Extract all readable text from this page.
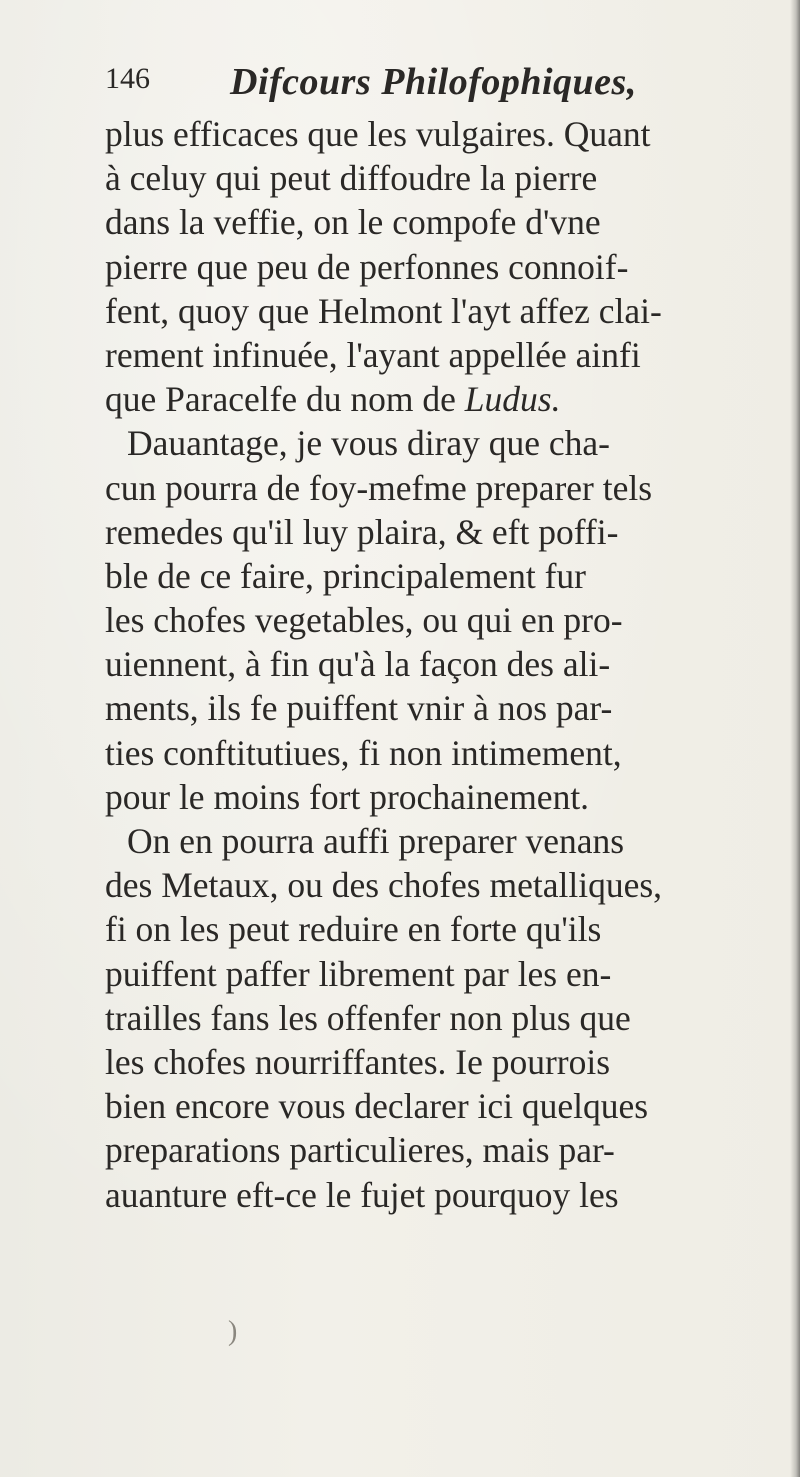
146 Difcours Philofophiques,
plus efficaces que les vulgaires. Quant
à celuy qui peut diffoudre la pierre
dans la veffie, on le compofe d'vne
pierre que peu de perfonnes connoif-
fent, quoy que Helmont l'ayt affez clai-
rement infinuée, l'ayant appellée ainfi
que Paracelfe du nom de Ludus.
Dauantage, je vous diray que cha-
cun pourra de foy-mefme preparer tels
remedes qu'il luy plaira, & eft poffi-
ble de ce faire, principalement fur
les chofes vegetables, ou qui en pro-
uiennent, à fin qu'à la façon des ali-
ments, ils fe puiffent vnir à nos par-
ties conftitutiues, fi non intimement,
pour le moins fort prochainement.
On en pourra auffi preparer venans
des Metaux, ou des chofes metalliques,
fi on les peut reduire en forte qu'ils
puiffent paffer librement par les en-
trailles fans les offenfer non plus que
les chofes nourriffantes. Ie pourrois
bien encore vous declarer ici quelques
preparations particulieres, mais par-
auanture eft-ce le fujet pourquoy les
)
